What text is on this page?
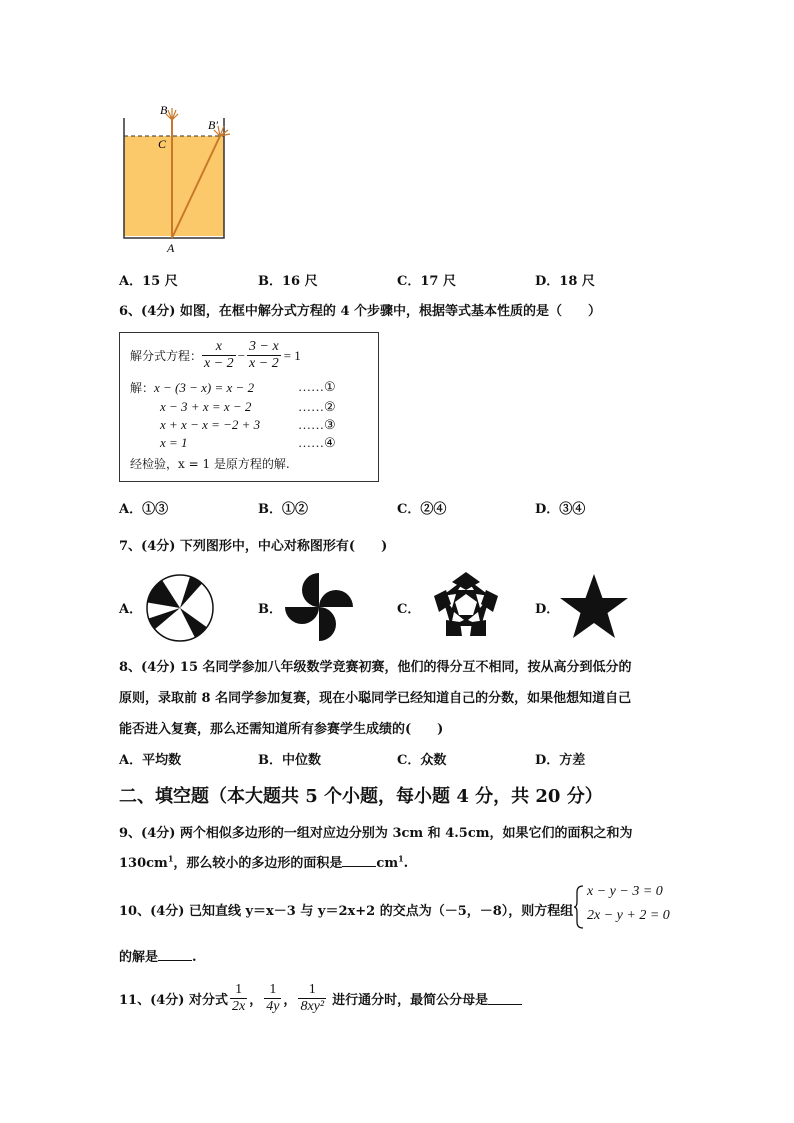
B
C
B′
A
A．15 尺	B．16 尺	C．17 尺	D．18 尺
6、(4分) 如图，在框中解分式方程的 4 个步骤中，根据等式基本性质的是（　　）
解分式方程： $\frac{x}{x - 2} - \frac{3 - x}{x - 2} = 1$
解：x − (3 − x) = x − 2	……①
x − 3 + x = x − 2	……②
x + x − x = −2 + 3	……③
x = 1	……④
经检验，x = 1 是原方程的解.
A．①③	B．①②	C．②④	D．③④
7、(4分) 下列图形中，中心对称图形有(　　)
A．	B．	C．	D．
8、(4分) 15 名同学参加八年级数学竞赛初赛，他们的得分互不相同，按从高分到低分的
原则，录取前 8 名同学参加复赛，现在小聪同学已经知道自己的分数，如果他想知道自己
能否进入复赛，那么还需知道所有参赛学生成绩的(　　)
A．平均数	B．中位数	C．众数	D．方差
二、填空题（本大题共 5 个小题，每小题 4 分，共 20 分）
9、(4分) 两个相似多边形的一组对应边分别为 3cm 和 4.5cm，如果它们的面积之和为
$130cm^1$，那么较小的多边形的面积是	$cm^1$.
10、(4分) 已知直线 y＝x－3 与 y＝2x+2 的交点为（－5，－8），则方程组
x − y − 3 = 0
2x − y + 2 = 0
的解是	.
11、(4分) 对分式 $\frac{1}{2x}$ ， $\frac{1}{4y}$ ， $\frac{1}{\text{8xy²}}$ 进行通分时，最简公分母是
